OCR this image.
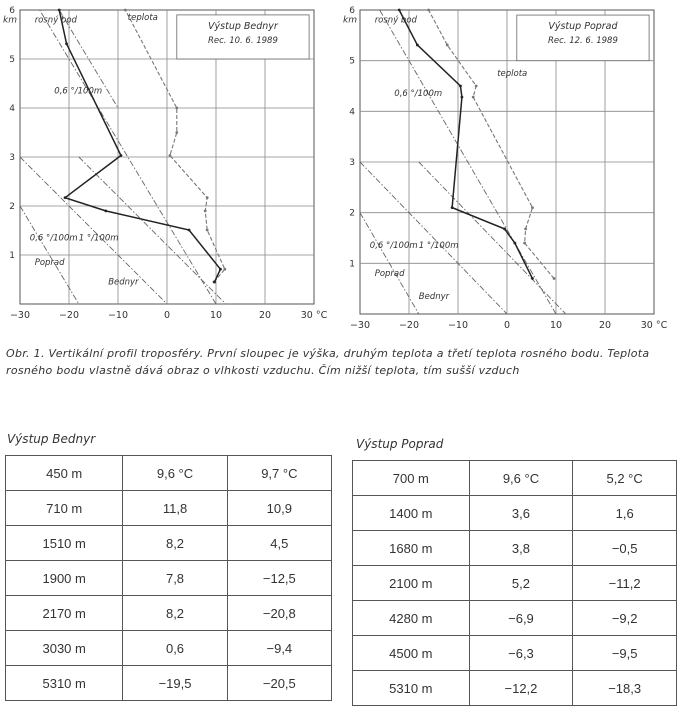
−30	−20	−10	0	10	20	30 °C
1
2
3
4
5
6
km
Výstup Bednyr
Rec. 10. 6. 1989
rosný bod	teplota
0,6 °/100m
1 °/100m
0,6 °/100m
Poprad
Bednyr
−30	−20	−10	0	10	20	30 °C
1
2
3
4
5
6
km
Výstup Poprad
Rec. 12. 6. 1989
rosný bod
teplota
0,6 °/100m
1 °/100m
0,6 °/100m
Poprad
Bednyr
Obr. 1. Vertikální profil troposféry. První sloupec je výška, druhým teplota a třetí teplota rosného bodu. Teplota rosného bodu vlastně dává obraz o vlhkosti vzduchu. Čím nižší teplota, tím sušší vzduch
Výstup Bednyr
450 m	9,6 °C	9,7 °C
710 m	11,8	10,9
1510 m	8,2	4,5
1900 m	7,8	−12,5
2170 m	8,2	−20,8
3030 m	0,6	−9,4
5310 m	−19,5	−20,5
Výstup Poprad
700 m	9,6 °C	5,2 °C
1400 m	3,6	1,6
1680 m	3,8	−0,5
2100 m	5,2	−11,2
4280 m	−6,9	−9,2
4500 m	−6,3	−9,5
5310 m	−12,2	−18,3
